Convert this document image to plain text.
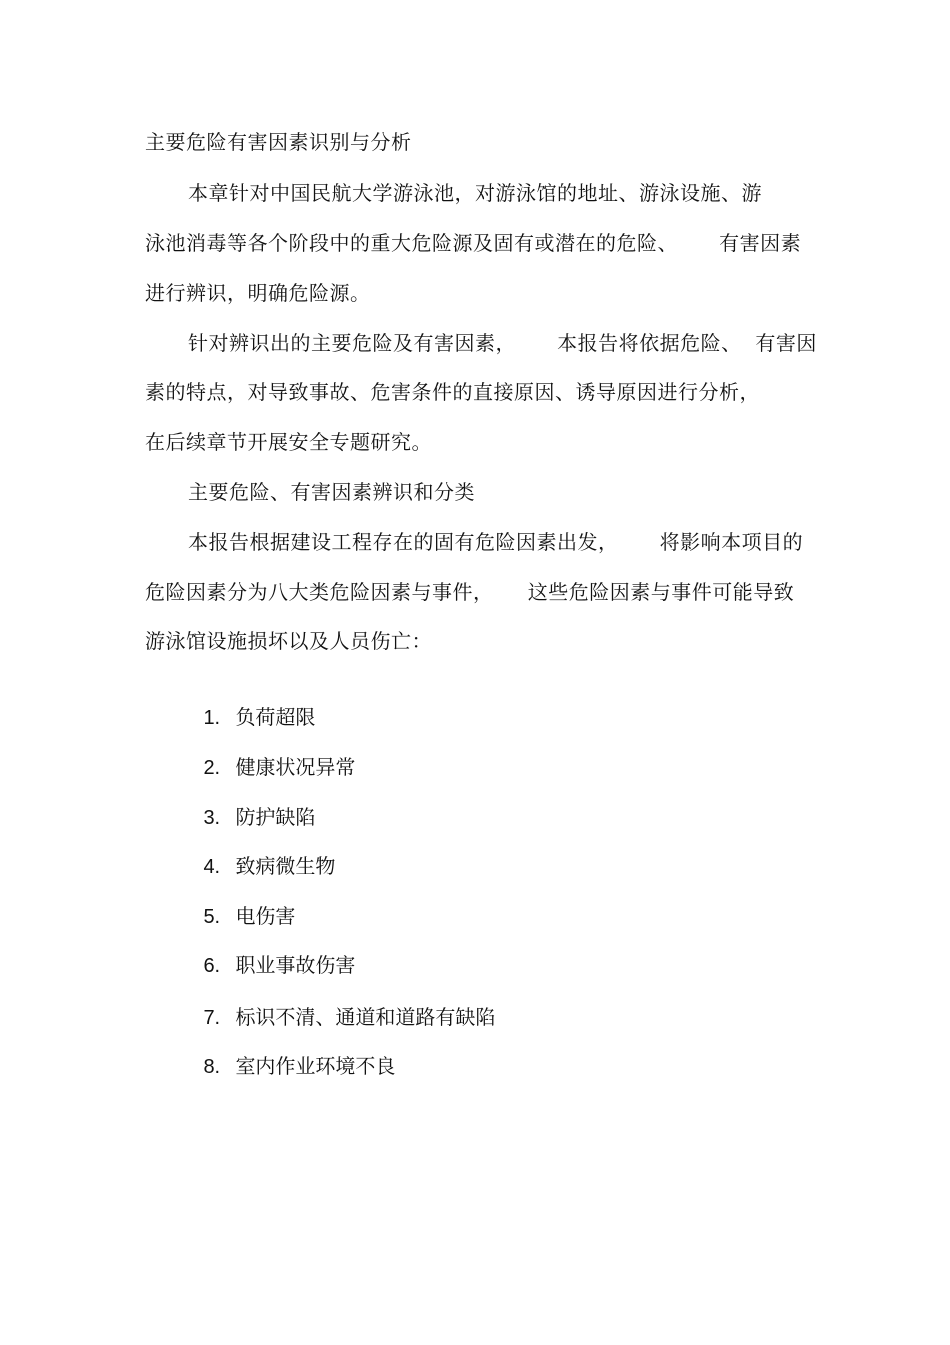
主要危险有害因素识别与分析
本章针对中国民航大学游泳池，对游泳馆的地址、游泳设施、游
泳池消毒等各个阶段中的重大危险源及固有或潜在的危险、      有害因素
进行辨识，明确危险源。
针对辨识出的主要危险及有害因素，      本报告将依据危险、  有害因
素的特点，对导致事故、危害条件的直接原因、诱导原因进行分析，
在后续章节开展安全专题研究。
主要危险、有害因素辨识和分类
本报告根据建设工程存在的固有危险因素出发，      将影响本项目的
危险因素分为八大类危险因素与事件，     这些危险因素与事件可能导致
游泳馆设施损坏以及人员伤亡：

1. 负荷超限

2. 健康状况异常

3. 防护缺陷

4. 致病微生物

5. 电伤害

6. 职业事故伤害

7. 标识不清、通道和道路有缺陷

8. 室内作业环境不良
